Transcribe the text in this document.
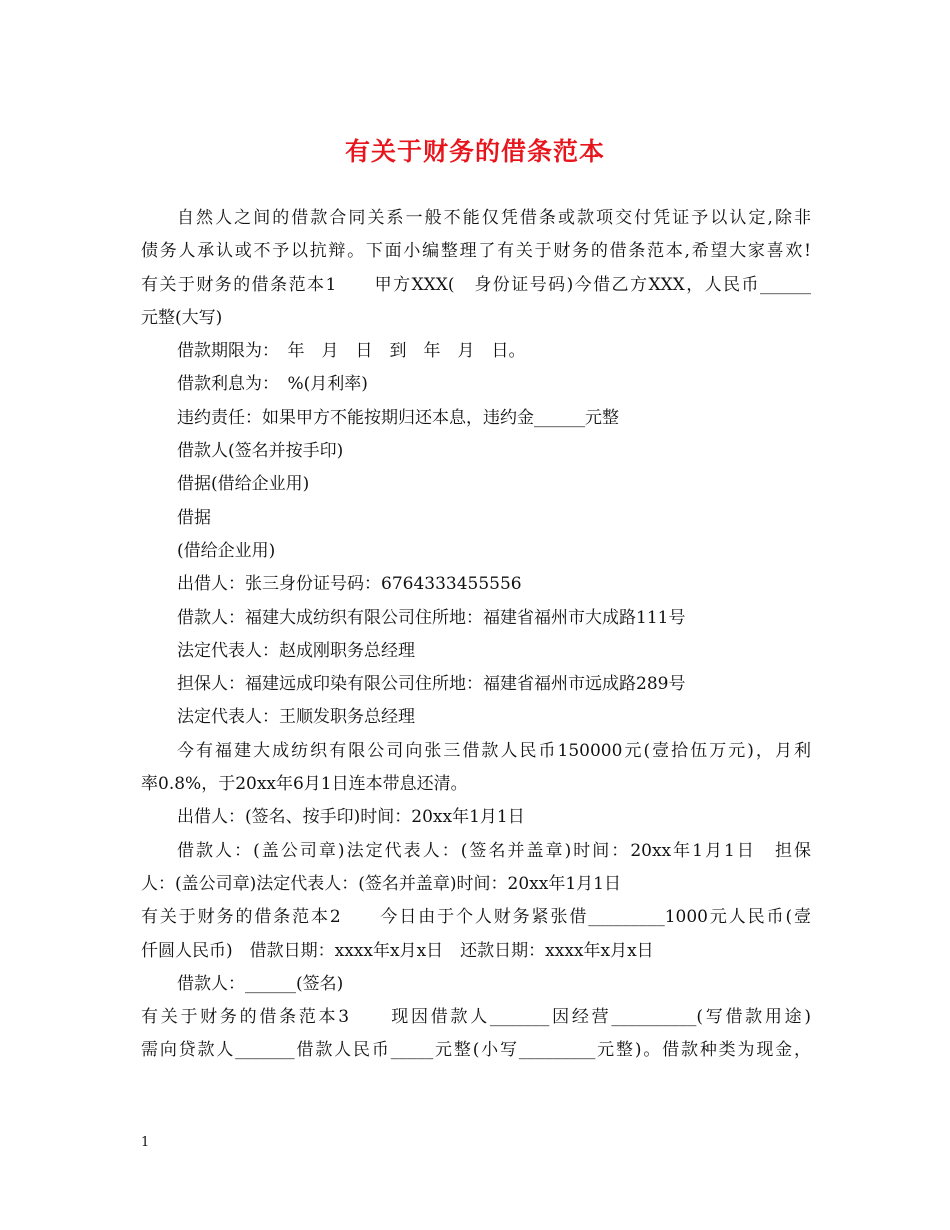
有关于财务的借条范本
自然人之间的借款合同关系一般不能仅凭借条或款项交付凭证予以认定,除非
债务人承认或不予以抗辩。下面小编整理了有关于财务的借条范本,希望大家喜欢!
有关于财务的借条范本1　　甲方XXX(　身份证号码)今借乙方XXX，人民币______
元整(大写)
借款期限为：　年　月　日　到　年　月　日。
借款利息为：　%(月利率)
违约责任：如果甲方不能按期归还本息，违约金______元整
借款人(签名并按手印)
借据(借给企业用)
借据
(借给企业用)
出借人：张三身份证号码：6764333455556
借款人：福建大成纺织有限公司住所地：福建省福州市大成路111号
法定代表人：赵成刚职务总经理
担保人：福建远成印染有限公司住所地：福建省福州市远成路289号
法定代表人：王顺发职务总经理
今有福建大成纺织有限公司向张三借款人民币150000元(壹拾伍万元)，月利
率0.8%，于20xx年6月1日连本带息还清。
出借人：(签名、按手印)时间：20xx年1月1日
借款人：(盖公司章)法定代表人：(签名并盖章)时间：20xx年1月1日　担保
人：(盖公司章)法定代表人：(签名并盖章)时间：20xx年1月1日
有关于财务的借条范本2　　今日由于个人财务紧张借_________1000元人民币(壹
仟圆人民币)　借款日期：xxxx年x月x日　还款日期：xxxx年x月x日
借款人：______(签名)
有关于财务的借条范本3　　现因借款人_______因经营__________(写借款用途)
需向贷款人_______借款人民币_____元整(小写_________元整)。借款种类为现金，
1
